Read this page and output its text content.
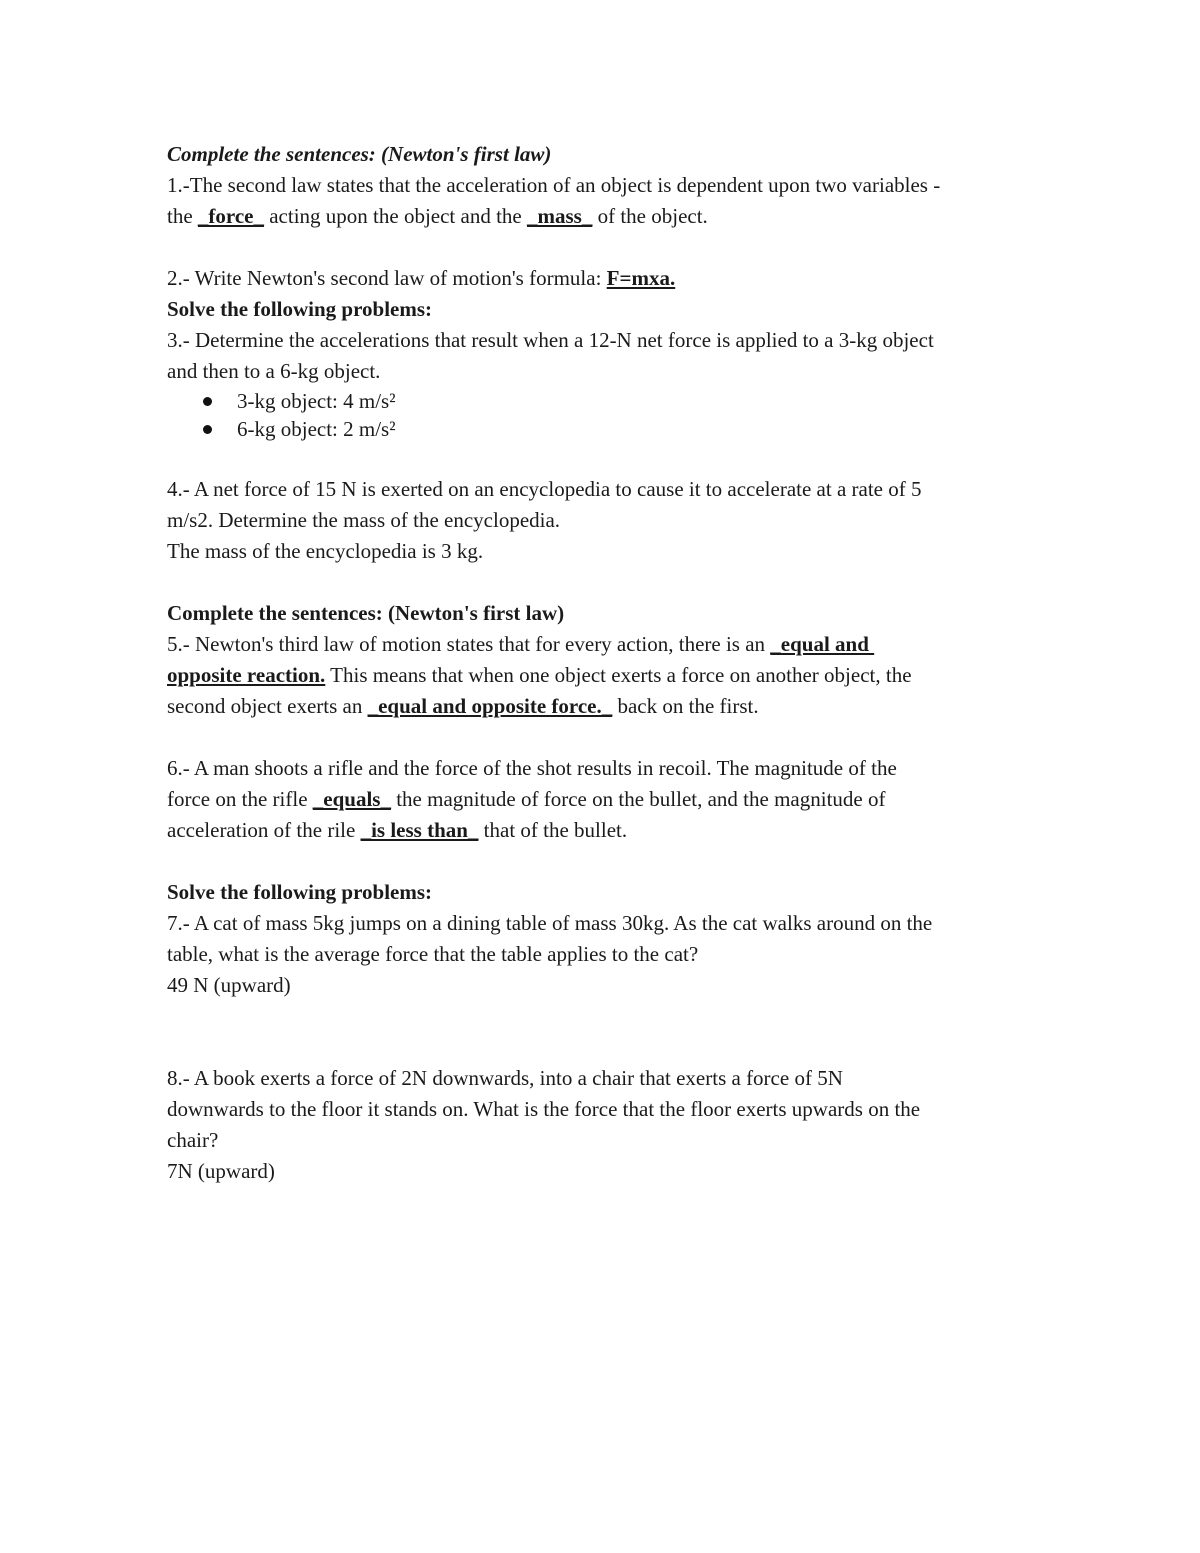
Complete the sentences: (Newton's first law)

1.-The second law states that the acceleration of an object is dependent upon two variables -

the _force_ acting upon the object and the _mass_ of the object.

2.- Write Newton's second law of motion's formula: F=mxa.

Solve the following problems:

3.- Determine the accelerations that result when a 12-N net force is applied to a 3-kg object

and then to a 6-kg object.

3-kg object: 4 m/s²
6-kg object: 2 m/s²

4.- A net force of 15 N is exerted on an encyclopedia to cause it to accelerate at a rate of 5

m/s2. Determine the mass of the encyclopedia.

The mass of the encyclopedia is 3 kg.

Complete the sentences: (Newton's first law)

5.- Newton's third law of motion states that for every action, there is an _equal and

opposite reaction. This means that when one object exerts a force on another object, the

second object exerts an _equal and opposite force._ back on the first.

6.- A man shoots a rifle and the force of the shot results in recoil. The magnitude of the

force on the rifle _equals_ the magnitude of force on the bullet, and the magnitude of

acceleration of the rile _is less than_ that of the bullet.

Solve the following problems:

7.- A cat of mass 5kg jumps on a dining table of mass 30kg. As the cat walks around on the

table, what is the average force that the table applies to the cat?

49 N (upward)

8.- A book exerts a force of 2N downwards, into a chair that exerts a force of 5N

downwards to the floor it stands on. What is the force that the floor exerts upwards on the

chair?

7N (upward)
